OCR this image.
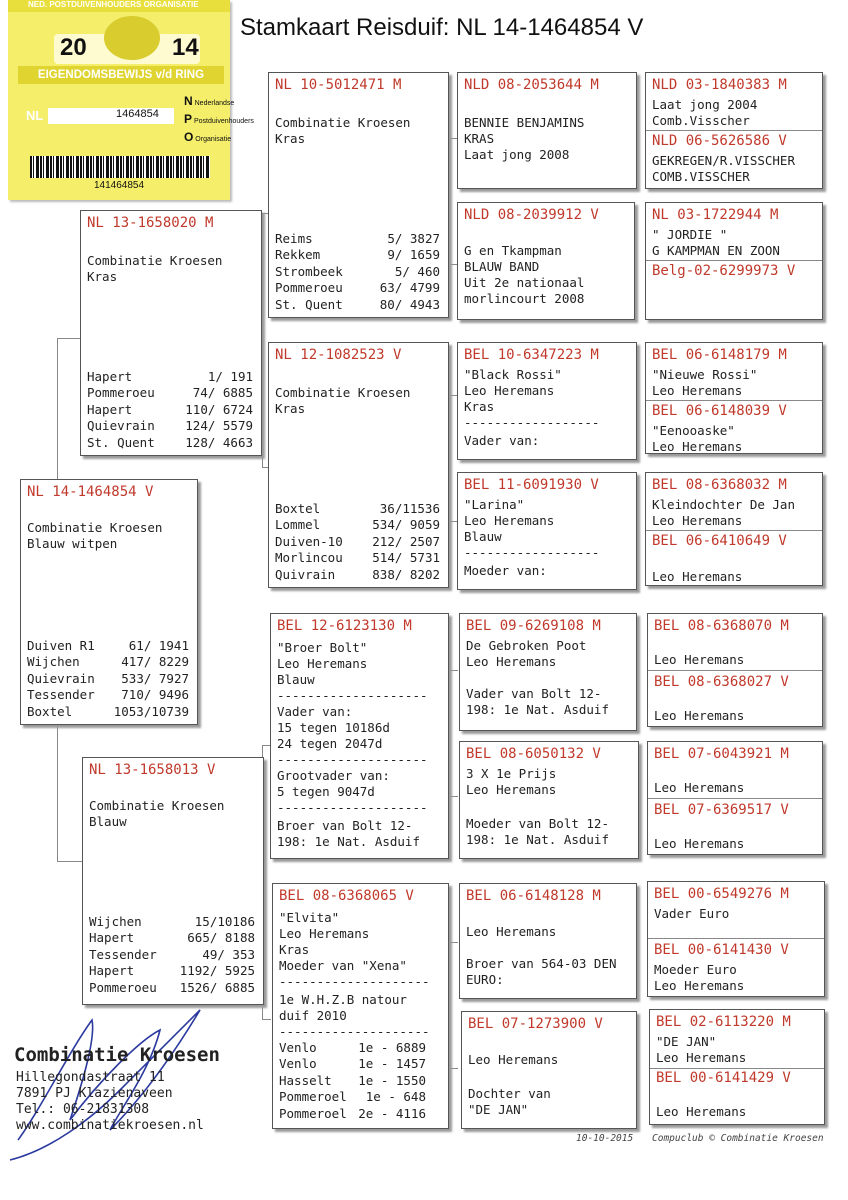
Stamkaart Reisduif: NL 14-1464854 V
NED. POSTDUIVENHOUDERS ORGANISATIE
20	14
EIGENDOMSBEWIJS v/d RING
NL	1464854
N Nederlandse
P Postduivenhouders
O Organisatie
141464854
NL 14-1464854 V
Combinatie Kroesen
Blauw witpen
Duiven R1	61/ 1941
Wijchen	417/ 8229
Quievrain 533/ 7927
Tessender 710/ 9496
Boxtel	1053/10739
NL 13-1658020 M
Combinatie Kroesen
Kras
Hapert	1/ 191
Pommeroeu	74/ 6885
Hapert	110/ 6724
Quievrain 124/ 5579
St. Quent 128/ 4663
NL 13-1658013 V
Combinatie Kroesen
Blauw
Wijchen	15/10186
Hapert	665/ 8188
Tessender	49/ 353
Hapert	1192/ 5925
Pommeroeu 1526/ 6885
NL 10-5012471 M
Combinatie Kroesen
Kras
Reims	5/ 3827
Rekkem	9/ 1659
Strombeek	5/ 460
Pommeroeu	63/ 4799
St. Quent	80/ 4943
NL 12-1082523 V
Combinatie Kroesen
Kras
Boxtel	36/11536
Lommel	534/ 9059
Duiven-10 212/ 2507
Morlincou 514/ 5731
Quivrain	838/ 8202
BEL 12-6123130 M
"Broer Bolt"
Leo Heremans
Blauw
--------------------
Vader van:
15 tegen 10186d
24 tegen 2047d
--------------------
Grootvader van:
5 tegen 9047d
--------------------
Broer van Bolt 12-
198: 1e Nat. Asduif
BEL 08-6368065 V
"Elvita"
Leo Heremans
Kras
Moeder van "Xena"
--------------------
1e W.H.Z.B natour
duif 2010
--------------------
Venlo	1e - 6889
Venlo	1e - 1457
Hasselt 1e - 1550
Pommeroel 1e - 648
Pommeroel 2e - 4116
NLD 08-2053644 M
BENNIE BENJAMINS
KRAS
Laat jong 2008
NLD 08-2039912 V
G en Tkampman
BLAUW BAND
Uit 2e nationaal
morlincourt 2008
BEL 10-6347223 M
"Black Rossi"
Leo Heremans
Kras
------------------
Vader van:
BEL 11-6091930 V
"Larina"
Leo Heremans
Blauw
------------------
Moeder van:
BEL 09-6269108 M
De Gebroken Poot
Leo Heremans
Vader van Bolt 12-
198: 1e Nat. Asduif
BEL 08-6050132 V
3 X 1e Prijs
Leo Heremans
Moeder van Bolt 12-
198: 1e Nat. Asduif
BEL 06-6148128 M
Leo Heremans
Broer van 564-03 DEN
EURO:
BEL 07-1273900 V
Leo Heremans
Dochter van
"DE JAN"
NLD 03-1840383 M
Laat jong 2004
Comb.Visscher
NLD 06-5626586 V
GEKREGEN/R.VISSCHER
COMB.VISSCHER
NL 03-1722944 M
" JORDIE "
G KAMPMAN EN ZOON
Belg-02-6299973 V
BEL 06-6148179 M
"Nieuwe Rossi"
Leo Heremans
BEL 06-6148039 V
"Eenooaske"
Leo Heremans
BEL 08-6368032 M
Kleindochter De Jan
Leo Heremans
BEL 06-6410649 V
Leo Heremans
BEL 08-6368070 M
Leo Heremans
BEL 08-6368027 V
Leo Heremans
BEL 07-6043921 M
Leo Heremans
BEL 07-6369517 V
Leo Heremans
BEL 00-6549276 M
Vader Euro
BEL 00-6141430 V
Moeder Euro
Leo Heremans
BEL 02-6113220 M
"DE JAN"
Leo Heremans
BEL 00-6141429 V
Leo Heremans
Combinatie Kroesen
Hillegondastraat 11
7891 PJ Klazienaveen
Tel.: 06-21831308
www.combinatiekroesen.nl
10-10-2015 Compuclub © Combinatie Kroesen
